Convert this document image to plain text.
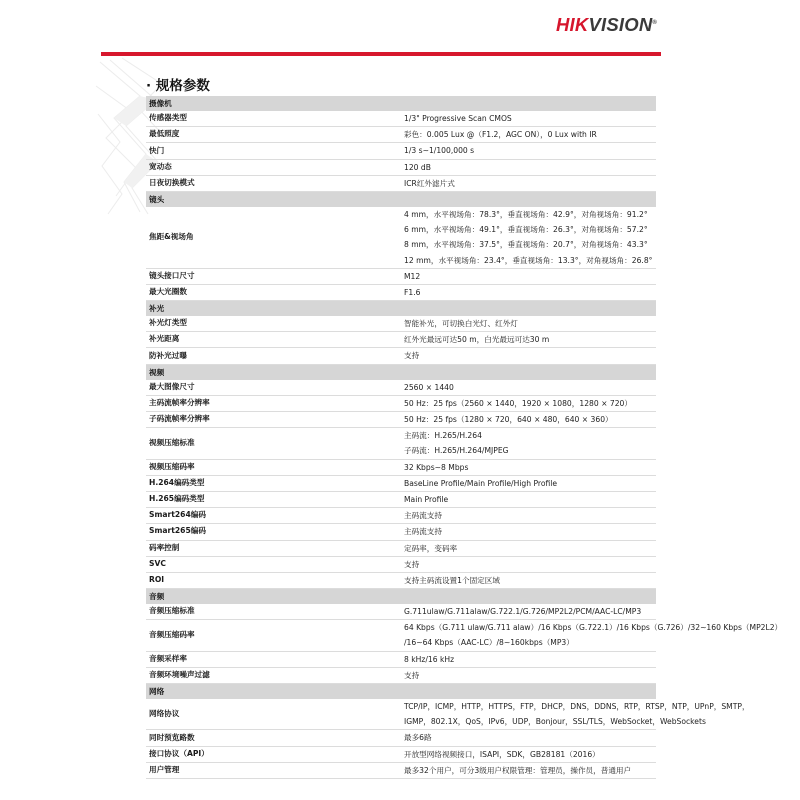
HIKVISION®
· 规格参数
摄像机	
传感器类型	1/3" Progressive Scan CMOS

最低照度	彩色：0.005 Lux @（F1.2，AGC ON），0 Lux with IR

快门	1/3 s~1/100,000 s

宽动态	120 dB

日夜切换模式	ICR红外滤片式

镜头	
焦距&视场角	4 mm，水平视场角：78.3°，垂直视场角：42.9°，对角视场角：91.2°
6 mm，水平视场角：49.1°，垂直视场角：26.3°，对角视场角：57.2°
8 mm，水平视场角：37.5°，垂直视场角：20.7°，对角视场角：43.3°
12 mm，水平视场角：23.4°，垂直视场角：13.3°，对角视场角：26.8°

镜头接口尺寸	M12

最大光圈数	F1.6

补光	
补光灯类型	智能补光，可切换白光灯、红外灯

补光距离	红外光最远可达50 m，白光最远可达30 m

防补光过曝	支持

视频	
最大图像尺寸	2560 × 1440

主码流帧率分辨率	50 Hz：25 fps（2560 × 1440，1920 × 1080，1280 × 720）

子码流帧率分辨率	50 Hz：25 fps（1280 × 720，640 × 480，640 × 360）

视频压缩标准	主码流：H.265/H.264
子码流：H.265/H.264/MJPEG

视频压缩码率	32 Kbps~8 Mbps

H.264编码类型	BaseLine Profile/Main Profile/High Profile

H.265编码类型	Main Profile

Smart264编码	主码流支持

Smart265编码	主码流支持

码率控制	定码率，变码率

SVC	支持

ROI	支持主码流设置1个固定区域

音频	
音频压缩标准	G.711ulaw/G.711alaw/G.722.1/G.726/MP2L2/PCM/AAC-LC/MP3

音频压缩码率	64 Kbps（G.711 ulaw/G.711 alaw）/16 Kbps（G.722.1）/16 Kbps（G.726）/32~160 Kbps（MP2L2）
/16~64 Kbps（AAC-LC）/8~160kbps（MP3）

音频采样率	8 kHz/16 kHz

音频环境噪声过滤	支持

网络	
网络协议	TCP/IP，ICMP，HTTP，HTTPS，FTP，DHCP，DNS，DDNS，RTP，RTSP，NTP，UPnP，SMTP，
IGMP，802.1X，QoS，IPv6，UDP，Bonjour，SSL/TLS，WebSocket，WebSockets

同时预览路数	最多6路

接口协议（API）	开放型网络视频接口，ISAPI，SDK，GB28181（2016）

用户管理	最多32个用户，可分3级用户权限管理：管理员，操作员，普通用户
